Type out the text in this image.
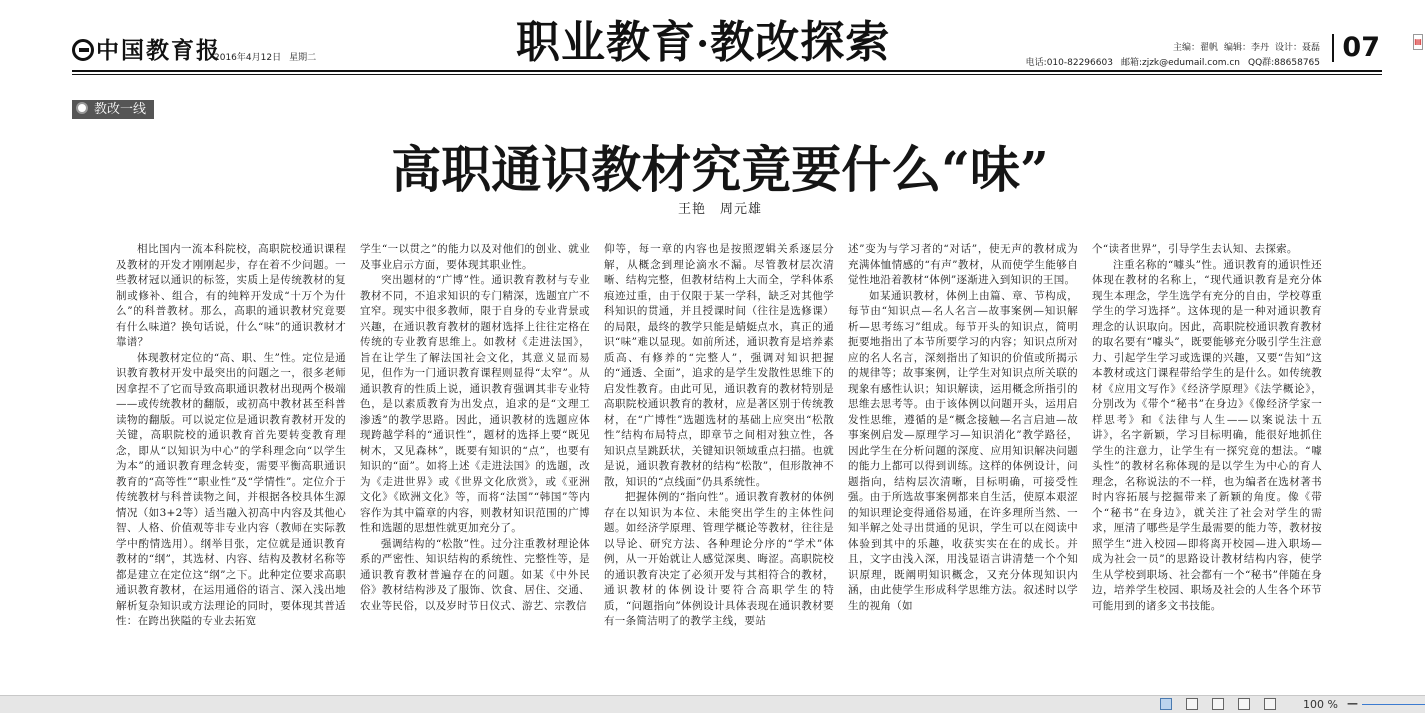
中国教育报
2016年4月12日 星期二	职业教育·教改探索	主编：翟帆 编辑：李丹 设计：聂磊
电话:010-82296603 邮箱:zjzk@edumail.com.cn QQ群:88658765 07	▤
教改一线
高职通识教材究竟要什么“味”
王艳　周元雄

相比国内一流本科院校，高职院校通识课程及教材的开发才刚刚起步，存在着不少问题。一些教材冠以通识的标签，实质上是传统教材的复制或修补、组合，有的纯粹开发成“十万个为什么”的科普教材。那么，高职的通识教材究竟要有什么味道？换句话说，什么“味”的通识教材才靠谱？

体现教材定位的“高、职、生”性。定位是通识教育教材开发中最突出的问题之一，很多老师因拿捏不了它而导致高职通识教材出现两个极端——或传统教材的翻版，或初高中教材甚至科普读物的翻版。可以说定位是通识教育教材开发的关键，高职院校的通识教育首先要转变教育理念，即从“以知识为中心”的学科理念向“以学生为本”的通识教育理念转变，需要平衡高职通识教育的“高等性”“职业性”及“学情性”。定位介于传统教材与科普读物之间，并根据各校具体生源情况（如3+2等）适当融入初高中内容及其他心智、人格、价值观等非专业内容（教师在实际教学中酌情选用）。纲举目张，定位就是通识教育教材的“纲”，其选材、内容、结构及教材名称等都是建立在定位这“纲”之下。此种定位要求高职通识教育教材，在运用通俗的语言、深入浅出地解析复杂知识或方法理论的同时，要体现其普适性：在跨出狭隘的专业去拓宽

学生“一以贯之”的能力以及对他们的创业、就业及事业启示方面，要体现其职业性。

突出题材的“广博”性。通识教育教材与专业教材不同，不追求知识的专门精深，选题宜广不宜窄。现实中很多教师，限于自身的专业背景或兴趣，在通识教育教材的题材选择上往往定格在传统的专业教育思维上。如教材《走进法国》，旨在让学生了解法国社会文化，其意义显而易见，但作为一门通识教育课程则显得“太窄”。从通识教育的性质上说，通识教育强调其非专业特色，是以素质教育为出发点，追求的是“文理工渗透”的教学思路。因此，通识教材的选题应体现跨越学科的“通识性”，题材的选择上要“既见树木，又见森林”，既要有知识的“点”，也要有知识的“面”。如将上述《走进法国》的选题，改为《走进世界》或《世界文化欣赏》，或《亚洲文化》《欧洲文化》等，而将“法国”“韩国”等内容作为其中篇章的内容，则教材知识范围的广博性和选题的思想性就更加充分了。

强调结构的“松散”性。过分注重教材理论体系的严密性、知识结构的系统性、完整性等，是通识教育教材普遍存在的问题。如某《中外民俗》教材结构涉及了服饰、饮食、居住、交通、农业等民俗，以及岁时节日仪式、游艺、宗教信

仰等，每一章的内容也是按照逻辑关系逐层分解，从概念到理论滴水不漏。尽管教材层次清晰、结构完整，但教材结构上大而全，学科体系痕迹过重，由于仅限于某一学科，缺乏对其他学科知识的贯通，并且授课时间（往往是选修课）的局限，最终的教学只能是蜻蜓点水，真正的通识“味”难以显现。如前所述，通识教育是培养素质高、有修养的“完整人”，强调对知识把握的“通透、全面”，追求的是学生发散性思维下的启发性教育。由此可见，通识教育的教材特别是高职院校通识教育的教材，应是著区别于传统教材，在“广博性”选题选材的基础上应突出“松散性”结构布局特点，即章节之间相对独立性，各知识点呈跳跃状，关键知识领域重点扫描。也就是说，通识教育教材的结构“松散”，但形散神不散，知识的“点线面”仍具系统性。

把握体例的“指向性”。通识教育教材的体例存在以知识为本位、未能突出学生的主体性问题。如经济学原理、管理学概论等教材，往往是以导论、研究方法、各种理论分序的“学术”体例，从一开始就让人感觉深奥、晦涩。高职院校的通识教育决定了必须开发与其相符合的教材，通识教材的体例设计要符合高职学生的特质，“问题指向”体例设计具体表现在通识教材要有一条简洁明了的教学主线，要站

述”变为与学习者的“对话”，使无声的教材成为充满体恤情感的“有声”教材，从而使学生能够自觉性地沿着教材“体例”逐渐进入到知识的王国。

如某通识教材，体例上由篇、章、节构成，每节由“知识点—名人名言—故事案例—知识解析—思考练习”组成。每节开头的知识点，简明扼要地指出了本节所要学习的内容；知识点所对应的名人名言，深刻指出了知识的价值或所揭示的规律等；故事案例，让学生对知识点所关联的现象有感性认识；知识解读，运用概念所指引的思维去思考等。由于该体例以问题开头，运用启发性思维，遵循的是“概念接触—名言启迪—故事案例启发—原理学习—知识消化”教学路径，因此学生在分析问题的深度、应用知识解决问题的能力上都可以得到训练。这样的体例设计，问题指向，结构层次清晰，目标明确，可接受性强。由于所选故事案例都来自生活，使原本艰涩的知识理论变得通俗易通，在许多理所当然、一知半解之处寻出贯通的见识，学生可以在阅读中体验到其中的乐趣，收获实实在在的成长。并且，文字由浅入深，用浅显语言讲清楚一个个知识原理，既阐明知识概念，又充分体现知识内涵，由此使学生形成科学思维方法。叙述时以学生的视角（如

个“读者世界”，引导学生去认知、去探索。

注重名称的“噱头”性。通识教育的通识性还体现在教材的名称上，“现代通识教育是充分体现生本理念，学生选学有充分的自由，学校尊重学生的学习选择”。这体现的是一种对通识教育理念的认识取向。因此，高职院校通识教育教材的取名要有“噱头”，既要能够充分吸引学生注意力、引起学生学习或选课的兴趣，又要“告知”这本教材或这门课程带给学生的是什么。如传统教材《应用文写作》《经济学原理》《法学概论》，分别改为《带个“秘书”在身边》《像经济学家一样思考》和《法律与人生——以案说法十五讲》，名字新颖，学习目标明确，能很好地抓住学生的注意力，让学生有一探究竟的想法。“噱头性”的教材名称体现的是以学生为中心的育人理念，名称说法的不一样，也为编者在选材著书时内容拓展与挖掘带来了新颖的角度。像《带个“秘书”在身边》，就关注了社会对学生的需求，厘清了哪些是学生最需要的能力等，教材按照学生“进入校园—即将离开校园—进入职场—成为社会一员”的思路设计教材结构内容，使学生从学校到职场、社会都有一个“秘书”伴随在身边，培养学生校园、职场及社会的人生各个环节可能用到的诸多文书技能。

100 % —
